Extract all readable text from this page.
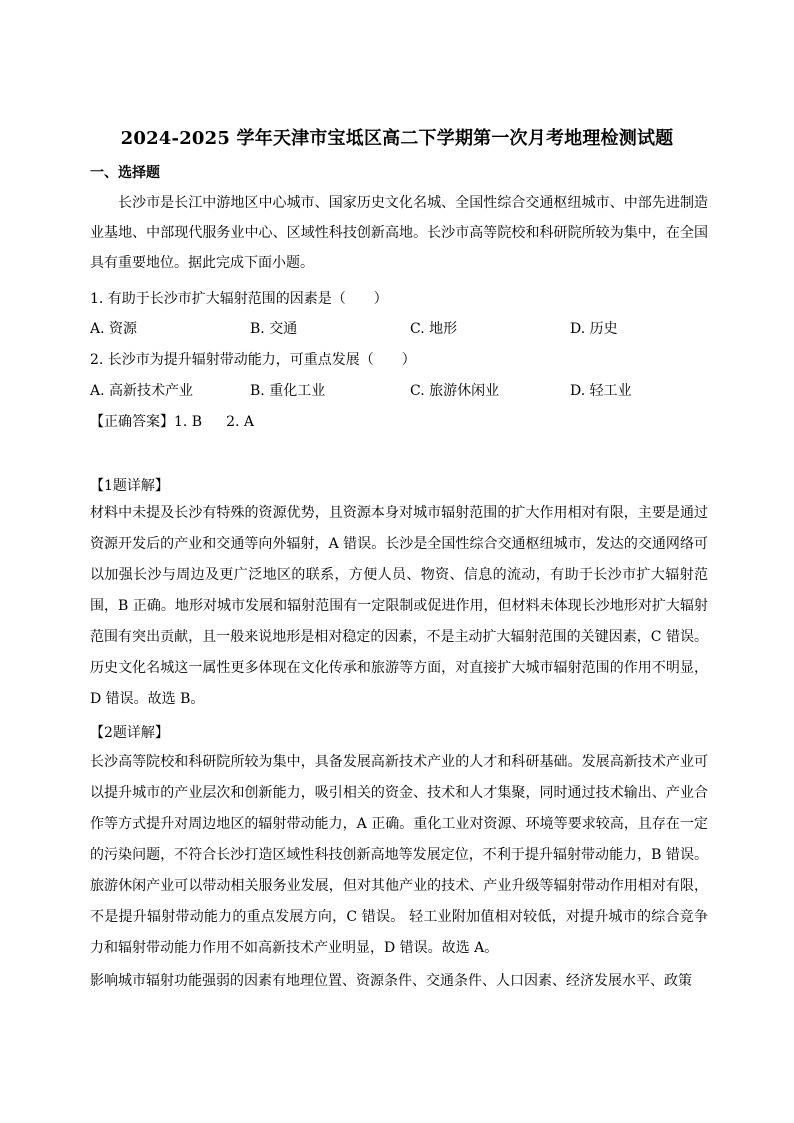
2024-2025 学年天津市宝坻区高二下学期第一次月考地理检测试题
一、选择题
长沙市是长江中游地区中心城市、国家历史文化名城、全国性综合交通枢纽城市、中部先进制造业基地、中部现代服务业中心、区域性科技创新高地。长沙市高等院校和科研院所较为集中，在全国具有重要地位。据此完成下面小题。
1. 有助于长沙市扩大辐射范围的因素是（　　）
A. 资源	B. 交通	C. 地形	D. 历史
2. 长沙市为提升辐射带动能力，可重点发展（　　）
A. 高新技术产业	B. 重化工业	C. 旅游休闲业	D. 轻工业
【正确答案】1. B 2. A
【1题详解】
材料中未提及长沙有特殊的资源优势，且资源本身对城市辐射范围的扩大作用相对有限，主要是通过资源开发后的产业和交通等向外辐射，A 错误。长沙是全国性综合交通枢纽城市，发达的交通网络可以加强长沙与周边及更广泛地区的联系，方便人员、物资、信息的流动，有助于长沙市扩大辐射范围，B 正确。地形对城市发展和辐射范围有一定限制或促进作用，但材料未体现长沙地形对扩大辐射范围有突出贡献，且一般来说地形是相对稳定的因素，不是主动扩大辐射范围的关键因素，C 错误。历史文化名城这一属性更多体现在文化传承和旅游等方面，对直接扩大城市辐射范围的作用不明显，D 错误。故选 B。
【2题详解】
长沙高等院校和科研院所较为集中，具备发展高新技术产业的人才和科研基础。发展高新技术产业可以提升城市的产业层次和创新能力，吸引相关的资金、技术和人才集聚，同时通过技术输出、产业合作等方式提升对周边地区的辐射带动能力，A 正确。重化工业对资源、环境等要求较高，且存在一定的污染问题，不符合长沙打造区域性科技创新高地等发展定位，不利于提升辐射带动能力，B 错误。旅游休闲产业可以带动相关服务业发展，但对其他产业的技术、产业升级等辐射带动作用相对有限，不是提升辐射带动能力的重点发展方向，C 错误。 轻工业附加值相对较低，对提升城市的综合竞争力和辐射带动能力作用不如高新技术产业明显，D 错误。故选 A。
影响城市辐射功能强弱的因素有地理位置、资源条件、交通条件、人口因素、经济发展水平、政策
